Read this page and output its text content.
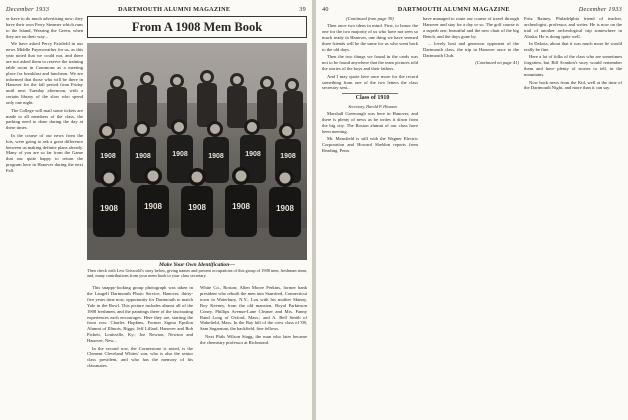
December 1933	DARTMOUTH ALUMNI MAGAZINE	39

or have to do much advertising now; they have their own Ferry Steamer which runs to the Island, Wearing the Green, when they are on their way...

We have asked Percy Fairfield in our news Middle Fayerweather for us, as this year noted that we could not, and there are not asked them to reserve the training table room in Commons as a meeting place for breakfast and luncheon. We are informed that those who will be there in Hanover for the fall period from Friday until next Tuesday afternoon, with a certain library of the slow who spend only one night.

The College will mail some tickets are made to all members of the class, the parking need to done during the day at these times.

In the course of our news from the lots, were going to ask a great difference between us making definite plans already. Many of you are so far from the Game that our quite happy to return the program here in Hanover during the next Fall.

From A 1908 Mem Book
1908	1908	1908	1908	1908	1908
1908	1908	1908	1908	1908
Make Your Own Identification—
Then check with Lew Griswold's story below, giving names and present occupations of this group of 1908 men, freshman team, and, many contributions from your mem book to your class secretary.

This snappy-looking group photograph was taken in the Laugell Dartmouth Photo Service, Hanover, thirty-five years time now, opportunity for Dartmouth to match Yale in the Bowl. This picture includes almost all of the 1908 freshmen, and the paintings there of the fascinating experiences each encourages. Here they are, starting the front row: Charles Hopkins, Former Sigma Epsilon Alumni of Illinois, Riggs; Jeff Lillard, Hanover and Bob Pickett, Louisville, Ky.; Joe Newton, Newton and Hanover, New...

In the second row, the Cornerstone is noted, is the Clement Cleveland Whites' son, who is also the senior class president, and who has the memory of his classmates.

White Co., Boston; Allen Moore Perkins, former bank president who rebuilt the men into Stamford, Connecticut town in Waterbury, N.Y.; Lou with his mother Skinny, Roy Keeney, from the old mansion, Royal Parkinson Coney, Phillips Avenue-Lane Cleaner and Mrs. Fanny Rand Long of Oxford, Mass.; and A. Bell Smith of Wakefield, Mass. In the Bay hill of the crew class of '08, Sam Sugarman, the backfield, fine fellows.

Next Phils Wilson Stagg, the man who later became the chemistry professor at Richmond.

40	DARTMOUTH ALUMNI MAGAZINE	December 1933

(Continued from page 39)

Then once two ideas in mind. First, to honor the one for the two majority of us who have not seen so much ready in Hanover, one thing we have seemed three friends will be the same for us who went back to the old days.

Then the two things we found in the cards was not to be found anywhere that the team pictures told the stories of the boys and their fathers.

And I may quote here once more for the record something from one of the two letters the class secretary sent...

Class of 1910

Secretary, Harold P. Hinman

Marshall Greenough was here in Hanover, and there is plenty of news as he writes it down from the big city. The Boston alumni of our class have been meeting.

Mr. Mansfield is still with the Wagner Electric Corporation and Howard Sheldon reports from Reading, Penn.

have managed to route our course of travel through Hanover and stay for a day or so. The golf course is a superb one, beautiful and the new chair of the big Bench, and the days gone by.

... lovely host and generous opponent of the Dartmouth class, the trip in Hanover once to the Dartmouth Club.

(Continued on page 41)

Fritz Rainey, Philadelphia friend of teacher, archeologist, professor, and writer. He is now on the trail of another archeological trip somewhere in Alaska. He is doing quite well.

In Dakota, about that it was much more he would really be fine.

Here a lot of folks of the class who are sometimes forgotten, but Bill Scanlon's story would remember them and have plenty of stories to tell, in the mountains.

Now back news from the Kid, well at the time of the Dartmouth Night, and more than it can say.
